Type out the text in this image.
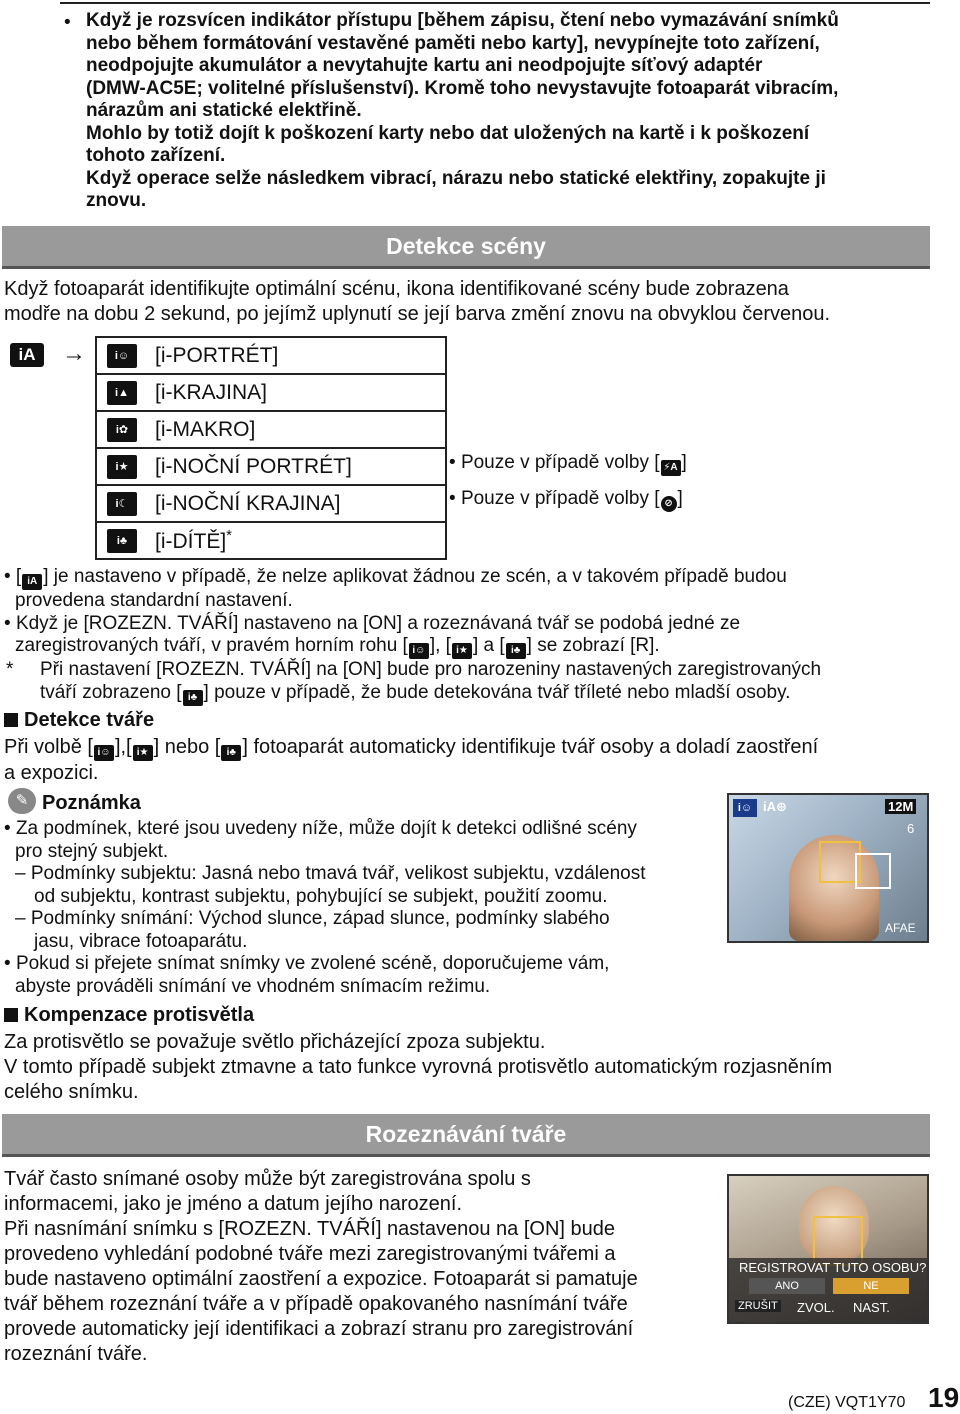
• Když je rozsvícen indikátor přístupu [během zápisu, čtení nebo vymazávání snímků
nebo během formátování vestavěné paměti nebo karty], nevypínejte toto zařízení,
neodpojujte akumulátor a nevytahujte kartu ani neodpojujte síťový adaptér
(DMW-AC5E; volitelné příslušenství). Kromě toho nevystavujte fotoaparát vibracím,
nárazům ani statické elektřině.
Mohlo by totiž dojít k poškození karty nebo dat uložených na kartě i k poškození
tohoto zařízení.
Když operace selže následkem vibrací, nárazu nebo statické elektřiny, zopakujte ji
znovu.
Detekce scény
Když fotoaparát identifikujte optimální scénu, ikona identifikované scény bude zobrazena
modře na dobu 2 sekund, po jejímž uplynutí se její barva změní znovu na obvyklou červenou.
iA	→	i☺	[i-PORTRÉT]
i▲	[i-KRAJINA]
i✿	[i-MAKRO]
i★	[i-NOČNÍ PORTRÉT]
i☾	[i-NOČNÍ KRAJINA]
i♣	[i-DÍTĚ]*
• Pouze v případě volby [ ⚡A ]
• Pouze v případě volby [ ⊘ ]
• [ iA ] je nastaveno v případě, že nelze aplikovat žádnou ze scén, a v takovém případě budou
provedena standardní nastavení.
• Když je [ROZEZN. TVÁŘÍ] nastaveno na [ON] a rozeznávaná tvář se podobá jedné ze
zaregistrovaných tváří, v pravém horním rohu [ i☺ ], [ i★ ] a [ i♣ ] se zobrazí [R].
* Při nastavení [ROZEZN. TVÁŘÍ] na [ON] bude pro narozeniny nastavených zaregistrovaných
tváří zobrazeno [ i♣ ] pouze v případě, že bude detekována tvář tříleté nebo mladší osoby.
Detekce tváře
Při volbě [ i☺ ],[ i★ ] nebo [ i♣ ] fotoaparát automaticky identifikuje tvář osoby a doladí zaostření
a expozici.
✎ Poznámka
• Za podmínek, které jsou uvedeny níže, může dojít k detekci odlišné scény
pro stejný subjekt.
– Podmínky subjektu: Jasná nebo tmavá tvář, velikost subjektu, vzdálenost
od subjektu, kontrast subjektu, pohybující se subjekt, použití zoomu.
– Podmínky snímání: Východ slunce, západ slunce, podmínky slabého
jasu, vibrace fotoaparátu.
• Pokud si přejete snímat snímky ve zvolené scéně, doporučujeme vám,
abyste prováděli snímání ve vhodném snímacím režimu.
i☺ iA⊕	12M
6
AFAE
Kompenzace protisvětla
Za protisvětlo se považuje světlo přicházející zpoza subjektu.
V tomto případě subjekt ztmavne a tato funkce vyrovná protisvětlo automatickým rozjasněním
celého snímku.
Rozeznávání tváře
Tvář často snímané osoby může být zaregistrována spolu s
informacemi, jako je jméno a datum jejího narození.
Při nasnímání snímku s [ROZEZN. TVÁŘÍ] nastavenou na [ON] bude
provedeno vyhledání podobné tváře mezi zaregistrovanými tvářemi a
bude nastaveno optimální zaostření a expozice. Fotoaparát si pamatuje
tvář během rozeznání tváře a v případě opakovaného nasnímání tváře
provede automaticky její identifikaci a zobrazí stranu pro zaregistrování
rozeznání tváře.
REGISTROVAT TUTO OSOBU?
ANO	NE
ZRUŠIT ZVOL. NAST.
(CZE) VQT1Y70 19
